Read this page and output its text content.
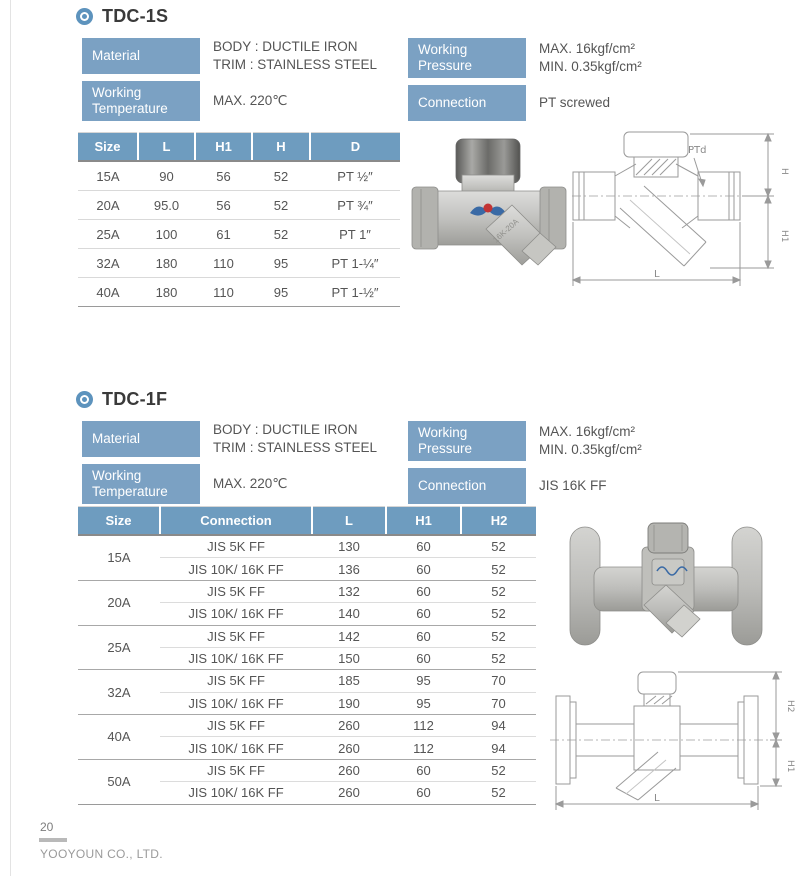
TDC-1S
Material
BODY : DUCTILE IRON
TRIM : STAINLESS STEEL
Working Temperature
MAX. 220℃
Working Pressure
MAX. 16kgf/cm²
MIN. 0.35kgf/cm²
Connection	PT screwed
Size	L	H1	H	D
15A	90	56	52	PT ½″
20A	95.0	56	52	PT ¾″
25A	100	61	52	PT 1″
32A	180	110	95	PT 1-¼″
40A	180	110	95	PT 1-½″
16K-20A
PTd
H
H1
L
TDC-1F
Material
BODY : DUCTILE IRON
TRIM : STAINLESS STEEL
Working Temperature
MAX. 220℃
Working Pressure
MAX. 16kgf/cm²
MIN. 0.35kgf/cm²
Connection	JIS 16K FF
Size	Connection	L	H1	H2
15A	JIS 5K FF	130	60	52
	JIS 10K/ 16K FF	136	60	52
20A	JIS 5K FF	132	60	52
	JIS 10K/ 16K FF	140	60	52
25A	JIS 5K FF	142	60	52
	JIS 10K/ 16K FF	150	60	52
32A	JIS 5K FF	185	95	70
	JIS 10K/ 16K FF	190	95	70
40A	JIS 5K FF	260	112	94
	JIS 10K/ 16K FF	260	112	94
50A	JIS 5K FF	260	60	52
	JIS 10K/ 16K FF	260	60	52
H2
H1
L
20
YOOYOUN CO., LTD.
